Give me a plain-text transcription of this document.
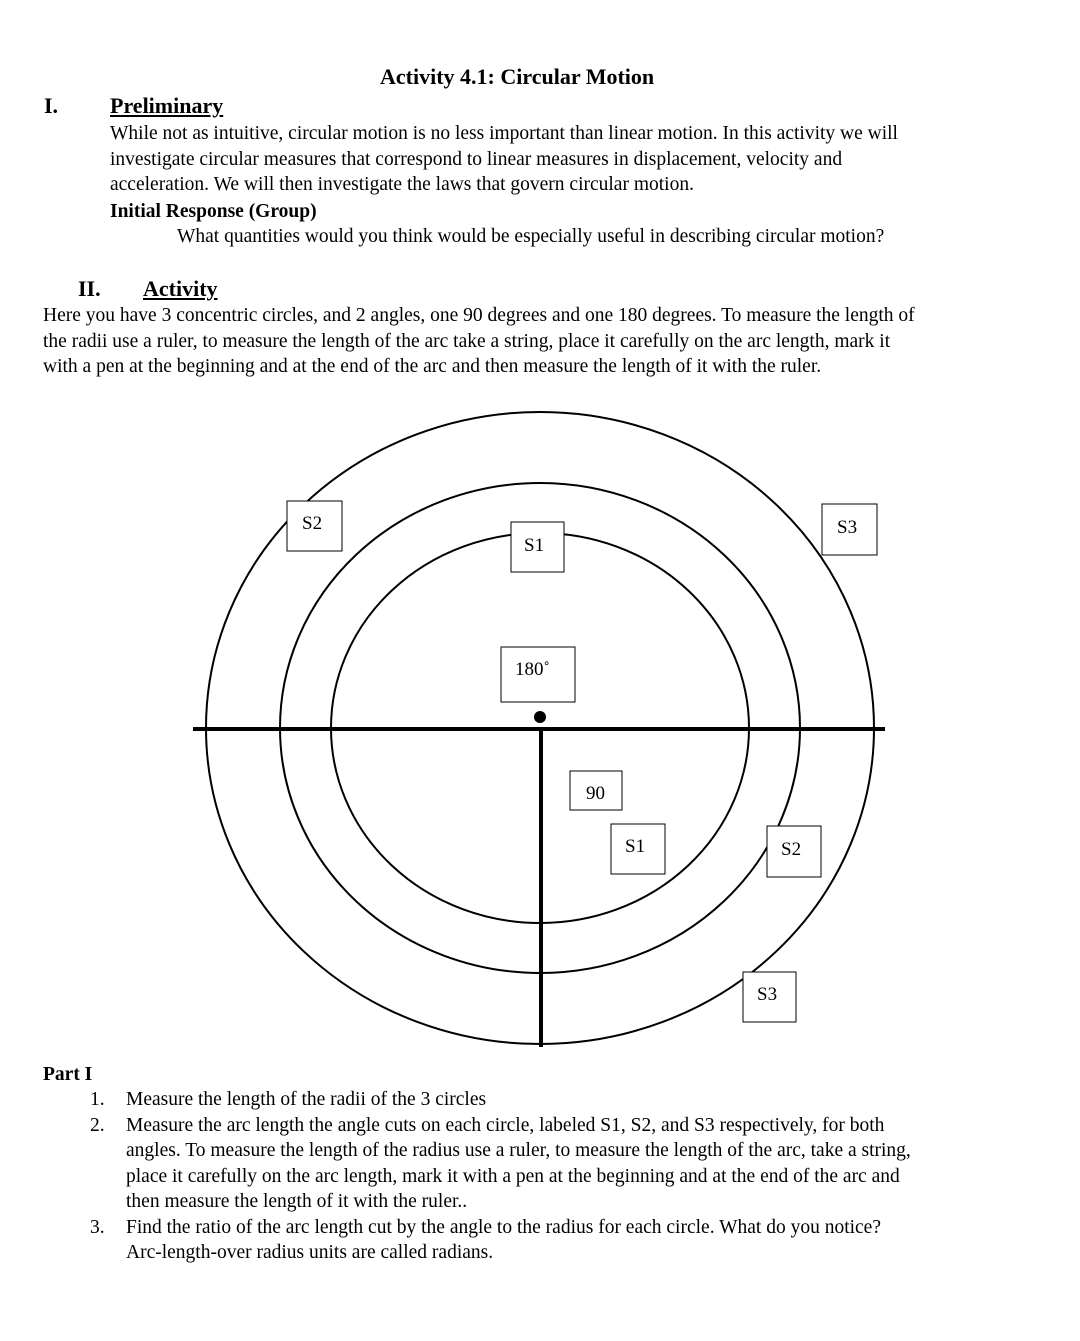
Activity 4.1: Circular Motion
I. Preliminary
While not as intuitive, circular motion is no less important than linear motion. In this activity we will
investigate circular measures that correspond to linear measures in displacement, velocity and
acceleration. We will then investigate the laws that govern circular motion.
Initial Response (Group)
What quantities would you think would be especially useful in describing circular motion?
II. Activity
Here you have 3 concentric circles, and 2 angles, one 90 degrees and one 180 degrees. To measure the length of
the radii use a ruler, to measure the length of the arc take a string, place it carefully on the arc length, mark it
with a pen at the beginning and at the end of the arc and then measure the length of it with the ruler.
S2
S1
S3
180˚
90
S1	S2
S3
Part I
1.	Measure the length of the radii of the 3 circles
2.	Measure the arc length the angle cuts on each circle, labeled S1, S2, and S3 respectively, for both
angles. To measure the length of the radius use a ruler, to measure the length of the arc, take a string,
place it carefully on the arc length, mark it with a pen at the beginning and at the end of the arc and
then measure the length of it with the ruler..
3.	Find the ratio of the arc length cut by the angle to the radius for each circle. What do you notice?
Arc-length-over radius units are called radians.
